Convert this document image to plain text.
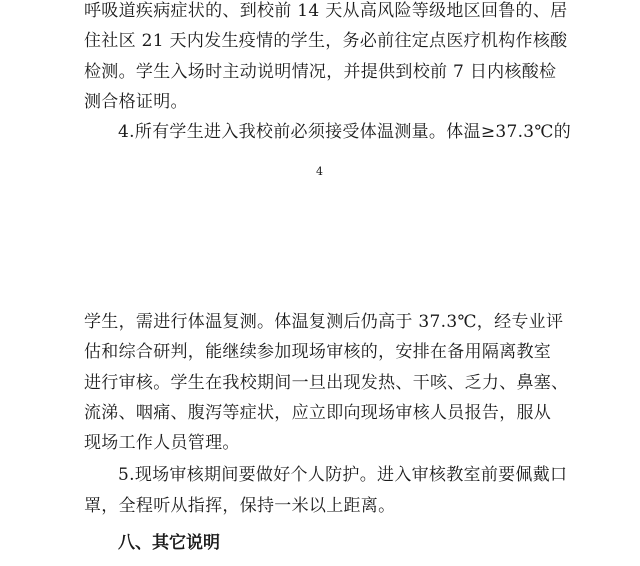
呼吸道疾病症状的、到校前 14 天从高风险等级地区回鲁的、居
住社区 21 天内发生疫情的学生，务必前往定点医疗机构作核酸
检测。学生入场时主动说明情况，并提供到校前 7 日内核酸检
测合格证明。
4.所有学生进入我校前必须接受体温测量。体温≥37.3℃的
4
学生，需进行体温复测。体温复测后仍高于 37.3℃，经专业评
估和综合研判，能继续参加现场审核的，安排在备用隔离教室
进行审核。学生在我校期间一旦出现发热、干咳、乏力、鼻塞、
流涕、咽痛、腹泻等症状，应立即向现场审核人员报告，服从
现场工作人员管理。
5.现场审核期间要做好个人防护。进入审核教室前要佩戴口
罩，全程听从指挥，保持一米以上距离。
八、其它说明
